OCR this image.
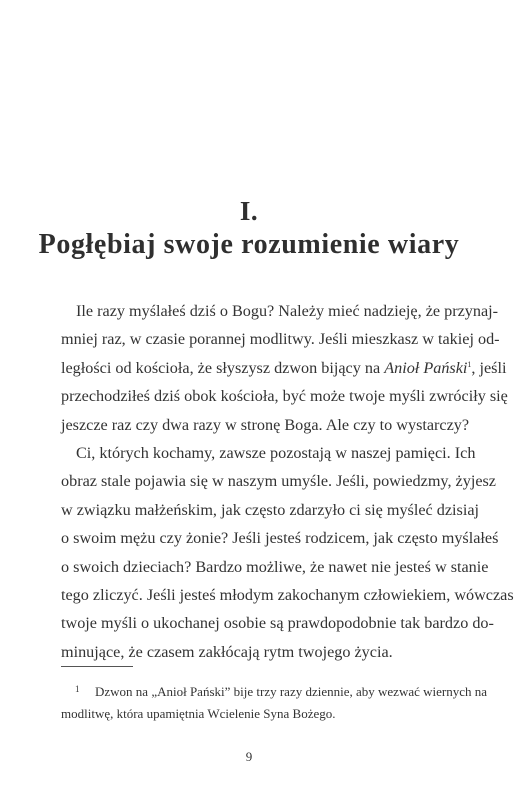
I.
Pogłębiaj swoje rozumienie wiary
Ile razy myślałeś dziś o Bogu? Należy mieć nadzieję, że przynaj-
mniej raz, w czasie porannej modlitwy. Jeśli mieszkasz w takiej od-
ległości od kościoła, że słyszysz dzwon bijący na Anioł Pański$^1$, jeśli
przechodziłeś dziś obok kościoła, być może twoje myśli zwróciły się
jeszcze raz czy dwa razy w stronę Boga. Ale czy to wystarczy?
Ci, których kochamy, zawsze pozostają w naszej pamięci. Ich
obraz stale pojawia się w naszym umyśle. Jeśli, powiedzmy, żyjesz
w związku małżeńskim, jak często zdarzyło ci się myśleć dzisiaj
o swoim mężu czy żonie? Jeśli jesteś rodzicem, jak często myślałeś
o swoich dzieciach? Bardzo możliwe, że nawet nie jesteś w stanie
tego zliczyć. Jeśli jesteś młodym zakochanym człowiekiem, wówczas
twoje myśli o ukochanej osobie są prawdopodobnie tak bardzo do-
minujące, że czasem zakłócają rytm twojego życia.
1 Dzwon na „Anioł Pański” bije trzy razy dziennie, aby wezwać wiernych na
modlitwę, która upamiętnia Wcielenie Syna Bożego.
9
